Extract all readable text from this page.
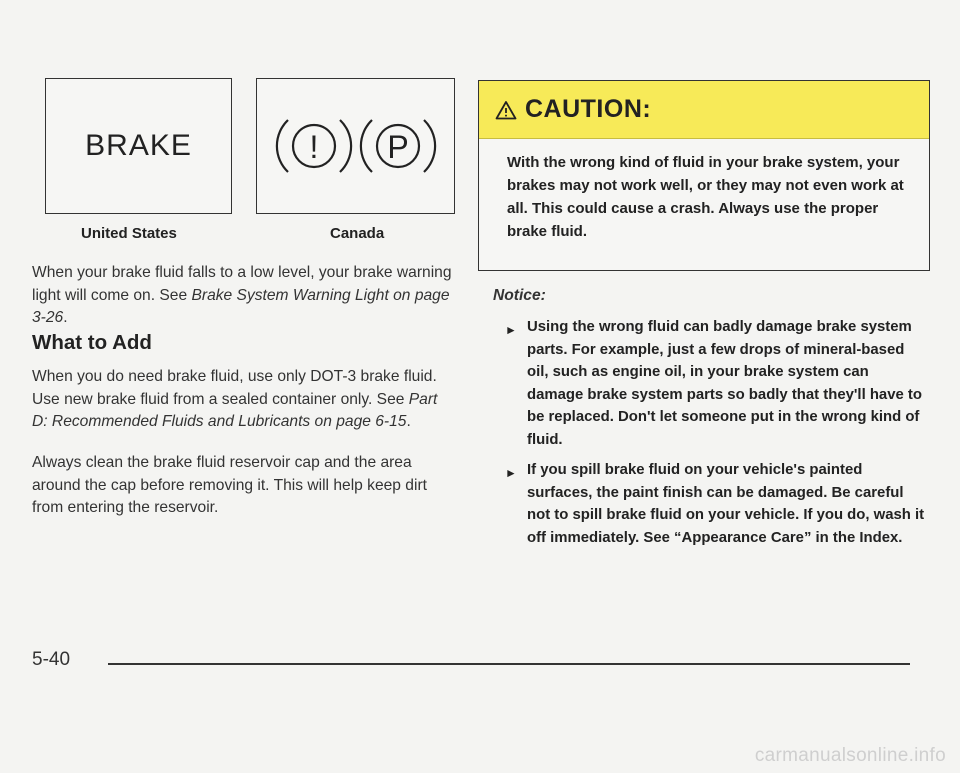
BRAKE	! P
United States	Canada

When your brake fluid falls to a low level, your brake warning light will come on. See Brake System Warning Light on page 3-26.

What to Add

When you do need brake fluid, use only DOT-3 brake fluid. Use new brake fluid from a sealed container only. See Part D: Recommended Fluids and Lubricants on page 6-15.

Always clean the brake fluid reservoir cap and the area around the cap before removing it. This will help keep dirt from entering the reservoir.

CAUTION:

With the wrong kind of fluid in your brake system, your brakes may not work well, or they may not even work at all. This could cause a crash. Always use the proper brake fluid.

Notice:
► Using the wrong fluid can badly damage brake system parts. For example, just a few drops of mineral-based oil, such as engine oil, in your brake system can damage brake system parts so badly that they'll have to be replaced. Don't let someone put in the wrong kind of fluid.
► If you spill brake fluid on your vehicle's painted surfaces, the paint finish can be damaged. Be careful not to spill brake fluid on your vehicle. If you do, wash it off immediately. See “Appearance Care” in the Index.
5-40
carmanualsonline.info
